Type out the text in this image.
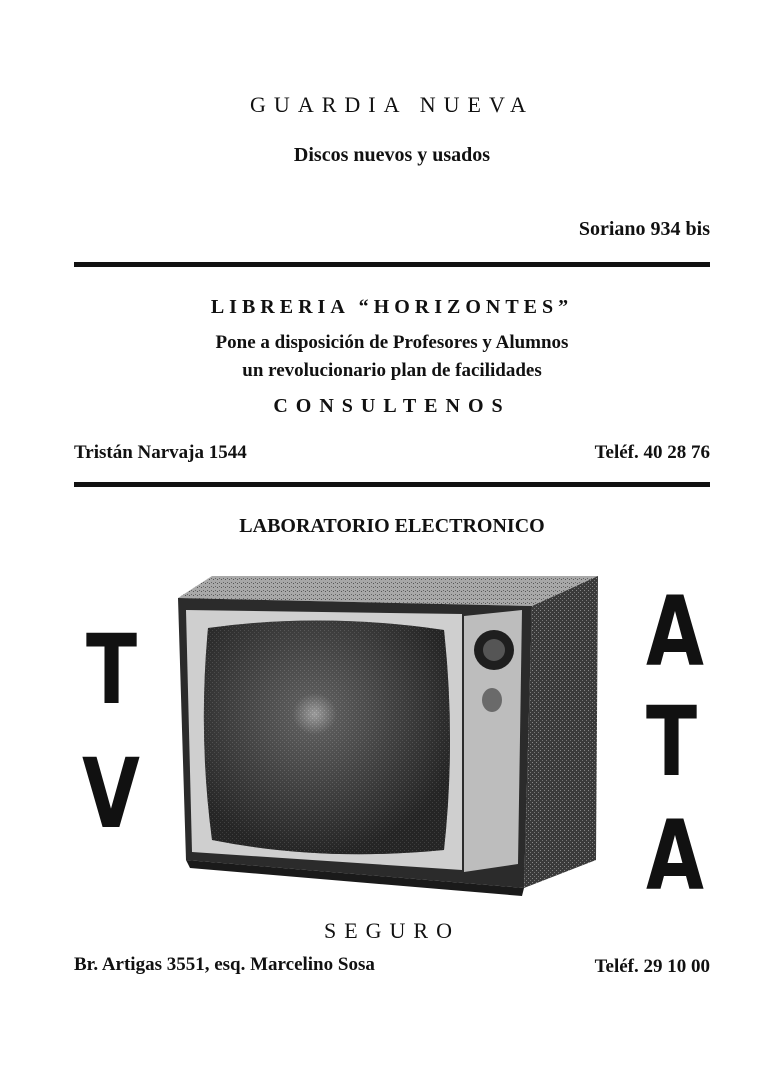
GUARDIA NUEVA
Discos nuevos y usados
Soriano 934 bis
LIBRERIA “HORIZONTES”
Pone a disposición de Profesores y Alumnos
un revolucionario plan de facilidades
CONSULTENOS
Tristán Narvaja 1544	Teléf. 40 28 76
LABORATORIO ELECTRONICO
T
V
A
T
A
SEGURO
Br. Artigas 3551, esq. Marcelino Sosa	Teléf. 29 10 00
